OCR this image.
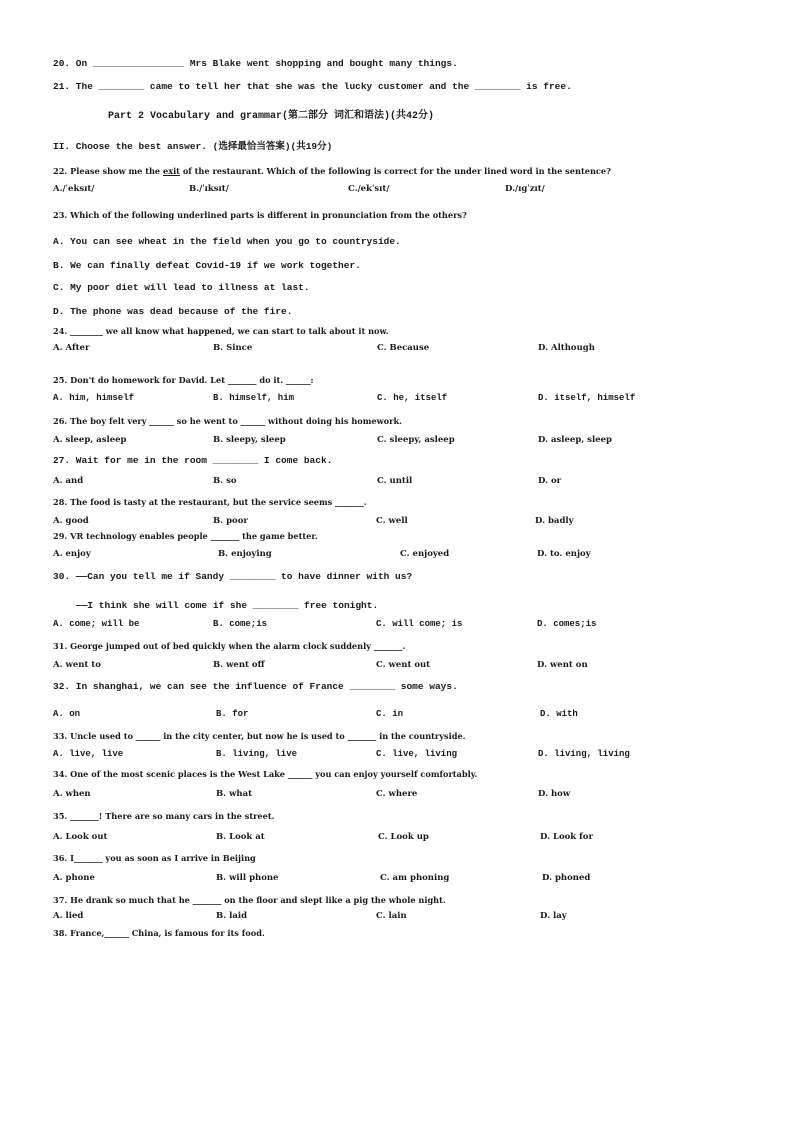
20. On ________________ Mrs Blake went shopping and bought many things.
21. The ________ came to tell her that she was the lucky customer and the ________ is free.
Part 2 Vocabulary and grammar(第二部分 词汇和语法)(共42分)
II. Choose the best answer. (选择最恰当答案)(共19分)
22. Please show me the exit of the restaurant. Which of the following is correct for the under lined word in the sentence?
A./ˈeksɪt/	B./ˈɪksɪt/	C./ekˈsɪt/	D./ɪɡˈzɪt/
23. Which of the following underlined parts is different in pronunciation from the others?
A. You can see wheat in the field when you go to countryside.
B. We can finally defeat Covid-19 if we work together.
C. My poor diet will lead to illness at last.
D. The phone was dead because of the fire.
24. ________ we all know what happened, we can start to talk about it now.
A. After	B. Since	C. Because	D. Although
25. Don't do homework for David. Let _______ do it. ______:
A. him, himself	B. himself, him	C. he, itself	D. itself, himself
26. The boy felt very ______ so he went to ______ without doing his homework.
A. sleep, asleep	B. sleepy, sleep	C. sleepy, asleep	D. asleep, sleep
27. Wait for me in the room ________ I come back.
A. and	B. so	C. until	D. or
28. The food is tasty at the restaurant, but the service seems _______.
A. good	B. poor	C. well	D. badly
29. VR technology enables people _______ the game better.
A. enjoy	B. enjoying	C. enjoyed	D. to. enjoy
30. ——Can you tell me if Sandy ________ to have dinner with us?
——I think she will come if she ________ free tonight.
A. come; will be	B. come;is	C. will come; is	D. comes;is
31. George jumped out of bed quickly when the alarm clock suddenly _______.
A. went to	B. went off	C. went out	D. went on
32. In shanghai, we can see the influence of France ________ some ways.
A. on	B. for	C. in	D. with
33. Uncle used to ______ in the city center, but now he is used to _______ in the countryside.
A. live, live	B. living, live	C. live, living	D. living, living
34. One of the most scenic places is the West Lake ______ you can enjoy yourself comfortably.
A. when	B. what	C. where	D. how
35. _______! There are so many cars in the street.
A. Look out	B. Look at	C. Look up	D. Look for
36. I_______ you as soon as I arrive in Beijing
A. phone	B. will phone	C. am phoning	D. phoned
37. He drank so much that he _______ on the floor and slept like a pig the whole night.
A. lied	B. laid	C. lain	D. lay
38. France,______ China, is famous for its food.
